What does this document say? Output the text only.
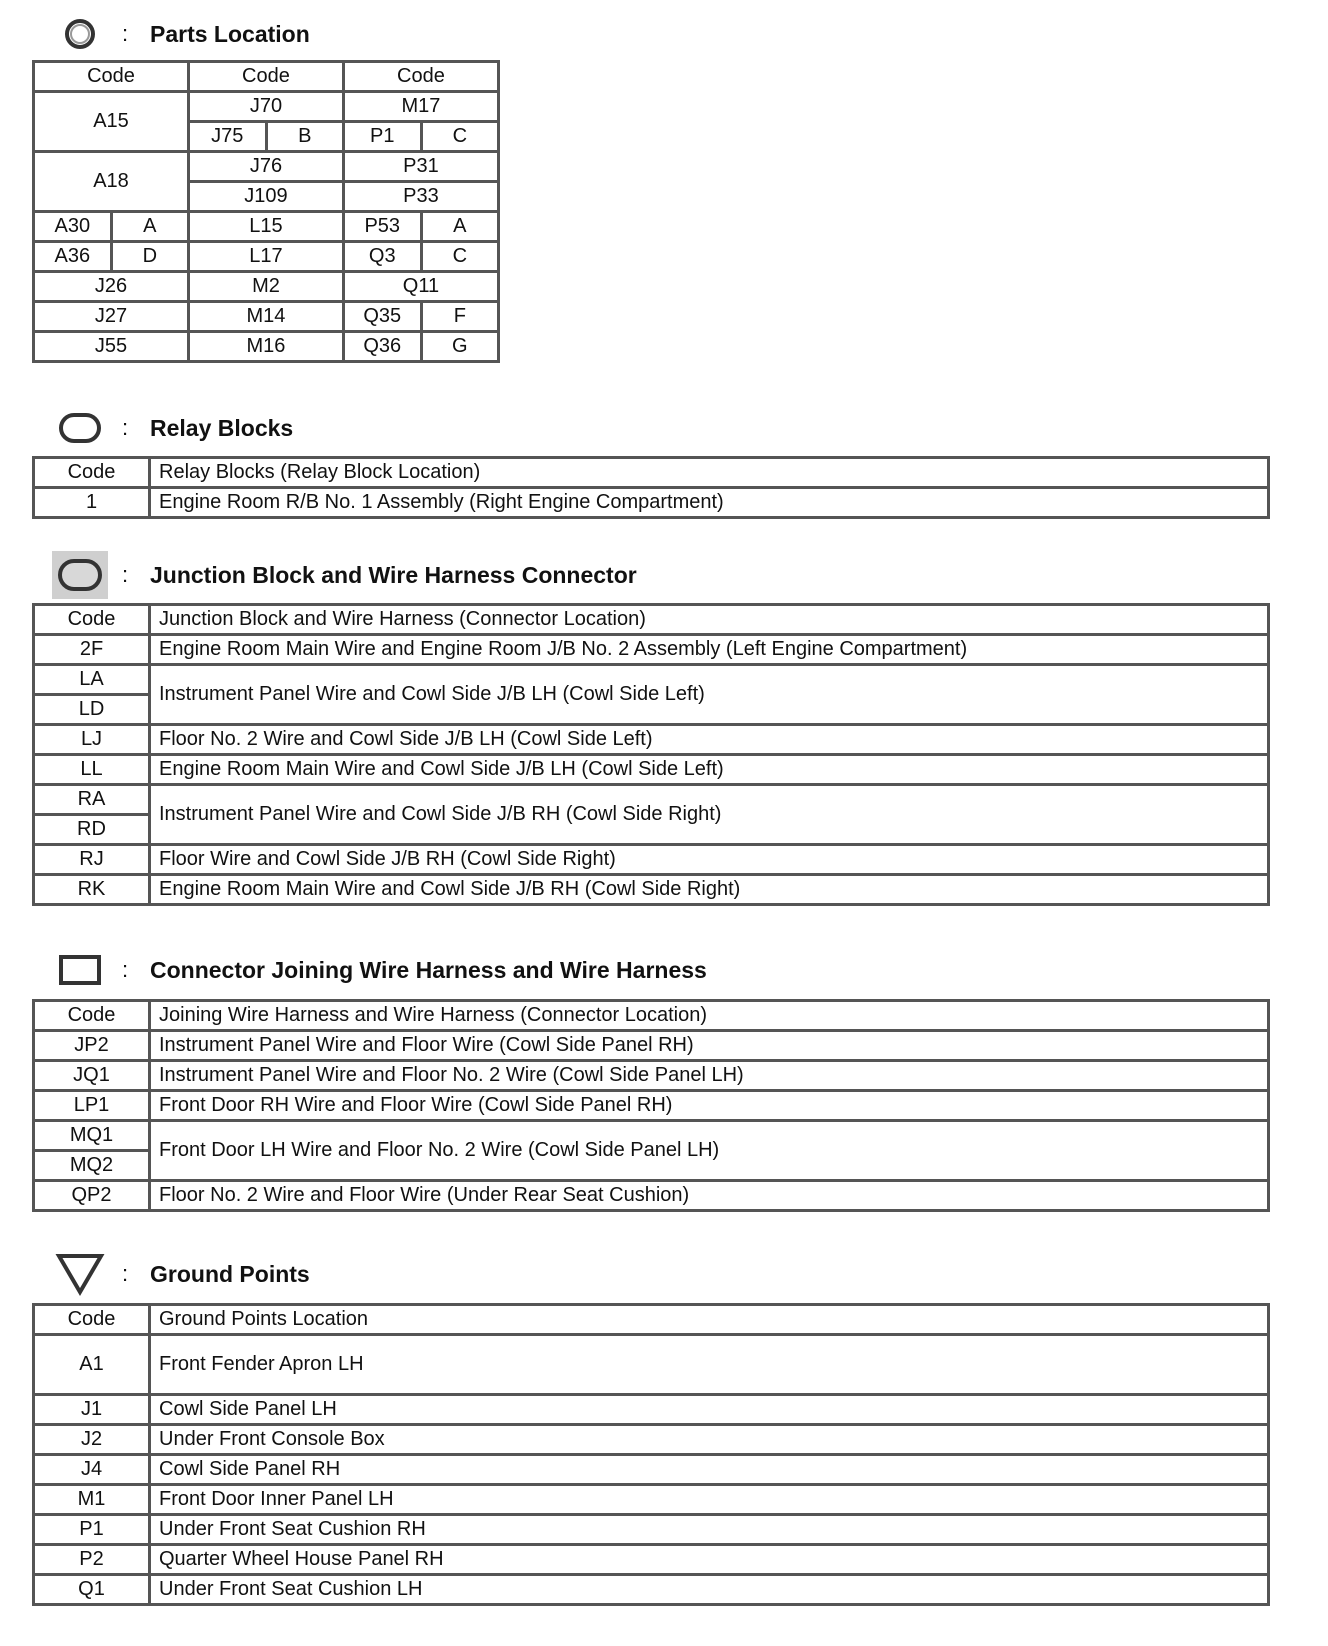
: Parts Location
Code		Code		Code	
A15		J70		M17	
		J75	B	P1	C
A18		J76		P31	
		J109		P33	
A30	A	L15		P53	A
A36	D	L17		Q3	C
J26		M2		Q11	
J27		M14		Q35	F
J55		M16		Q36	G
: Relay Blocks
Code	Relay Blocks (Relay Block Location)
1	Engine Room R/B No. 1 Assembly (Right Engine Compartment)
: Junction Block and Wire Harness Connector
Code	Junction Block and Wire Harness (Connector Location)
2F	Engine Room Main Wire and Engine Room J/B No. 2 Assembly (Left Engine Compartment)
LA	Instrument Panel Wire and Cowl Side J/B LH (Cowl Side Left)
LD	
LJ	Floor No. 2 Wire and Cowl Side J/B LH (Cowl Side Left)
LL	Engine Room Main Wire and Cowl Side J/B LH (Cowl Side Left)
RA	Instrument Panel Wire and Cowl Side J/B RH (Cowl Side Right)
RD	
RJ	Floor Wire and Cowl Side J/B RH (Cowl Side Right)
RK	Engine Room Main Wire and Cowl Side J/B RH (Cowl Side Right)
: Connector Joining Wire Harness and Wire Harness
Code	Joining Wire Harness and Wire Harness (Connector Location)
JP2	Instrument Panel Wire and Floor Wire (Cowl Side Panel RH)
JQ1	Instrument Panel Wire and Floor No. 2 Wire (Cowl Side Panel LH)
LP1	Front Door RH Wire and Floor Wire (Cowl Side Panel RH)
MQ1	Front Door LH Wire and Floor No. 2 Wire (Cowl Side Panel LH)
MQ2	
QP2	Floor No. 2 Wire and Floor Wire (Under Rear Seat Cushion)
: Ground Points
Code	Ground Points Location
A1	Front Fender Apron LH
J1	Cowl Side Panel LH
J2	Under Front Console Box
J4	Cowl Side Panel RH
M1	Front Door Inner Panel LH
P1	Under Front Seat Cushion RH
P2	Quarter Wheel House Panel RH
Q1	Under Front Seat Cushion LH
